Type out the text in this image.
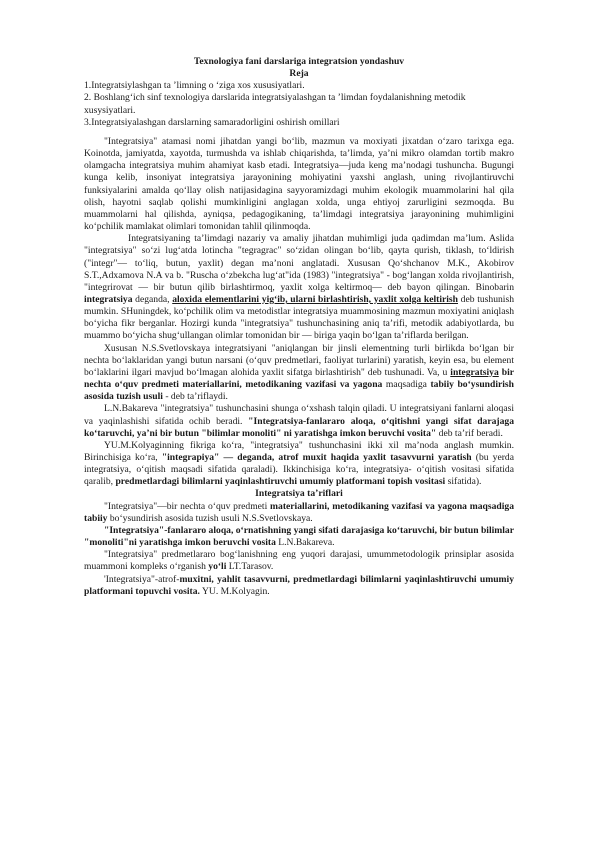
Texnologiya fani darslariga integratsion yondashuv

Reja

1.Integratsiylashgan ta ’limning o ‘ziga xos xususiyatlari.

2. Boshlang‘ich sinf texnologiya darslarida integratsiyalashgan ta ’limdan foydalanishning metodik xusysiyatlari.

3.Integratsiyalashgan darslarning samaradorligini oshirish omillari

"Integratsiya" atamasi nomi jihatdan yangi bo‘lib, mazmun va moxiyati jixatdan o‘zaro tarixga ega. Koinotda, jamiyatda, xayotda, turmushda va ishlab chiqarishda, ta’limda, ya’ni mikro olamdan tortib makro olamgacha integratsiya muhim ahamiyat kasb etadi. Integratsiya—juda keng ma’nodagi tushuncha. Bugungi kunga kelib, insoniyat integratsiya jarayonining mohiyatini yaxshi anglash, uning rivojlantiruvchi funksiyalarini amalda qo‘llay olish natijasidagina sayyoramizdagi muhim ekologik muammolarini hal qila olish, hayotni saqlab qolishi mumkinligini anglagan xolda, unga ehtiyoj zarurligini sezmoqda. Bu muammolarni hal qilishda, ayniqsa, pedagogikaning, ta’limdagi integratsiya jarayonining muhimligini ko‘pchilik mamlakat olimlari tomonidan tahlil qilinmoqda.

Integratsiyaning ta’limdagi nazariy va amaliy jihatdan muhimligi juda qadimdan ma’lum. Aslida "integratsiya" so‘zi lug‘atda lotincha "tegragrac" so‘zidan olingan bo‘lib, qayta qurish, tiklash, to‘ldirish ("integr"— to‘liq, butun, yaxlit) degan ma’noni anglatadi. Xususan Qo‘shchanov M.K., Akobirov S.T.,Adxamova N.A va b. "Ruscha o‘zbekcha lug‘at"ida (1983) "integratsiya" - bog‘langan xolda rivojlantirish, "integrirovat — bir butun qilib birlashtirmoq, yaxlit xolga keltirmoq— deb bayon qilingan. Binobarin integratsiya deganda, aloxida elementlarini yig‘ib, ularni birlashtirish, yaxlit xolga keltirish deb tushunish mumkin. SHuningdek, ko‘pchilik olim va metodistlar integratsiya muammosining mazmun moxiyatini aniqlash bo‘yicha fikr berganlar. Hozirgi kunda "integratsiya" tushunchasining aniq ta’rifi, metodik adabiyotlarda, bu muammo bo‘yicha shug‘ullangan olimlar tomonidan bir — biriga yaqin bo‘lgan ta’riflarda berilgan.

Xususan N.S.Svetlovskaya integratsiyani "aniqlangan bir jinsli elementning turli birlikda bo‘lgan bir nechta bo‘laklaridan yangi butun narsani (o‘quv predmetlari, faoliyat turlarini) yaratish, keyin esa, bu element bo‘laklarini ilgari mavjud bo‘lmagan alohida yaxlit sifatga birlashtirish" deb tushunadi. Va, u integratsiya bir nechta o‘quv predmeti materiallarini, metodikaning vazifasi va yagona maqsadiga tabiiy bo‘ysundirish asosida tuzish usuli - deb ta’riflaydi.

L.N.Bakareva "integratsiya" tushunchasini shunga o‘xshash talqin qiladi. U integratsiyani fanlarni aloqasi va yaqinlashishi sifatida ochib beradi. "Integratsiya-fanlararo aloqa, o‘qitishni yangi sifat darajaga ko‘taruvchi, ya’ni bir butun "bilimlar monoliti" ni yaratishga imkon beruvchi vosita" deb ta’rif beradi.

YU.M.Kolyaginning fikriga ko‘ra, "integratsiya" tushunchasini ikki xil ma’noda anglash mumkin. Birinchisiga ko‘ra, "integrapiya" — deganda, atrof muxit haqida yaxlit tasavvurni yaratish (bu yerda integratsiya, o‘qitish maqsadi sifatida qaraladi). Ikkinchisiga ko‘ra, integratsiya- o‘qitish vositasi sifatida qaralib, predmetlardagi bilimlarni yaqinlashtiruvchi umumiy platformani topish vositasi sifatida).

Integratsiya ta’riflari

"Integratsiya"—bir nechta o‘quv predmeti materiallarini, metodikaning vazifasi va yagona maqsadiga tabiiy bo‘ysundirish asosida tuzish usuli N.S.Svetlovskaya.

"Integratsiya"-fanlararo aloqa, o‘rnatishning yangi sifati darajasiga ko‘taruvchi, bir butun bilimlar "monoliti"ni yaratishga imkon beruvchi vosita L.N.Bakareva.

"Integratsiya" predmetlararo bog‘lanishning eng yuqori darajasi, umummetodologik prinsiplar asosida muammoni kompleks o‘rganish yo‘li LT.Tarasov.

'Integratsiya"-atrof-muxitni, yahlit tasavvurni, predmetlardagi bilimlarni yaqinlashtiruvchi umumiy platformani topuvchi vosita. YU. M.Kolyagin.
